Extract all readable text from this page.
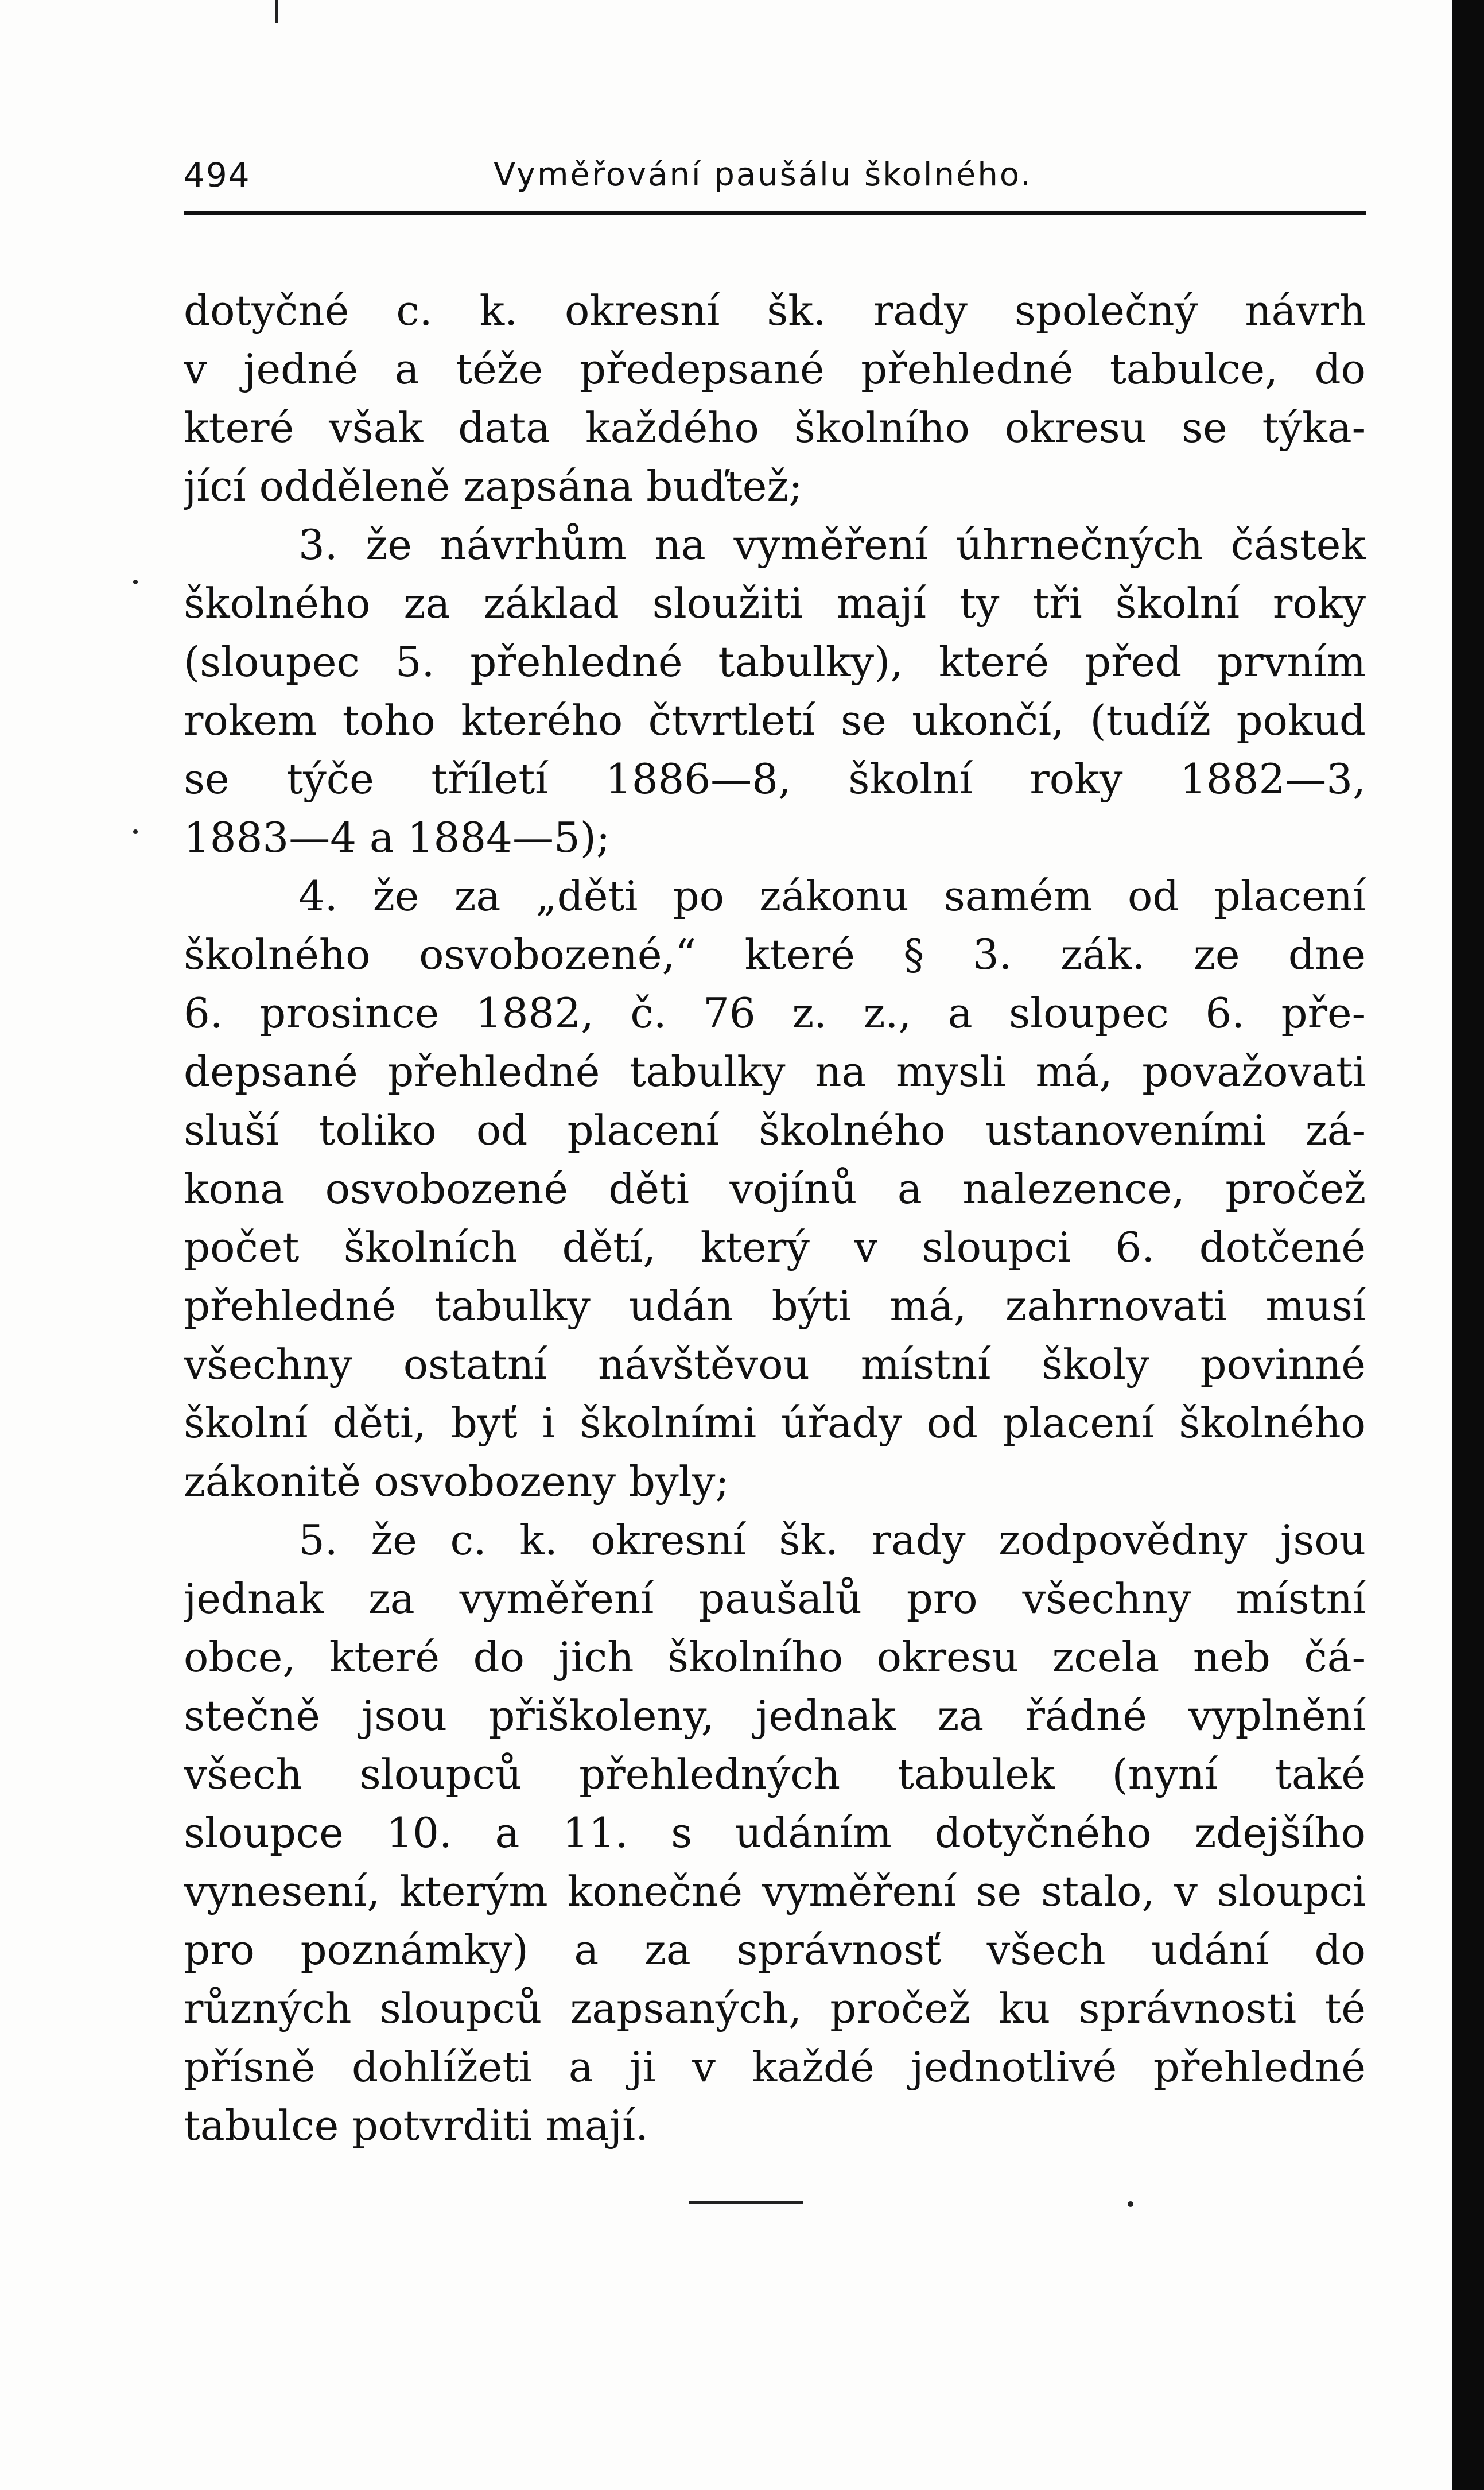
494	Vyměřování paušálu školného.
dotyčné c. k. okresní šk. rady společný návrh
v jedné a téže předepsané přehledné tabulce, do
které však data každého školního okresu se týka-
jící odděleně zapsána buďtež;
3. že návrhům na vyměření úhrnečných částek
školného za základ sloužiti mají ty tři školní roky
(sloupec 5. přehledné tabulky), které před prvním
rokem toho kterého čtvrtletí se ukončí, (tudíž pokud
se týče tříletí 1886—8, školní roky 1882—3,
1883—4 a 1884—5);
4. že za „děti po zákonu samém od placení
školného osvobozené,“ které § 3. zák. ze dne
6. prosince 1882, č. 76 z. z., a sloupec 6. pře-
depsané přehledné tabulky na mysli má, považovati
sluší toliko od placení školného ustanoveními zá-
kona osvobozené děti vojínů a nalezence, pročež
počet školních dětí, který v sloupci 6. dotčené
přehledné tabulky udán býti má, zahrnovati musí
všechny ostatní návštěvou místní školy povinné
školní děti, byť i školními úřady od placení školného
zákonitě osvobozeny byly;
5. že c. k. okresní šk. rady zodpovědny jsou
jednak za vyměření paušalů pro všechny místní
obce, které do jich školního okresu zcela neb čá-
stečně jsou přiškoleny, jednak za řádné vyplnění
všech sloupců přehledných tabulek (nyní také
sloupce 10. a 11. s udáním dotyčného zdejšího
vynesení, kterým konečné vyměření se stalo, v sloupci
pro poznámky) a za správnosť všech udání do
různých sloupců zapsaných, pročež ku správnosti té
přísně dohlížeti a ji v každé jednotlivé přehledné
tabulce potvrditi mají.
